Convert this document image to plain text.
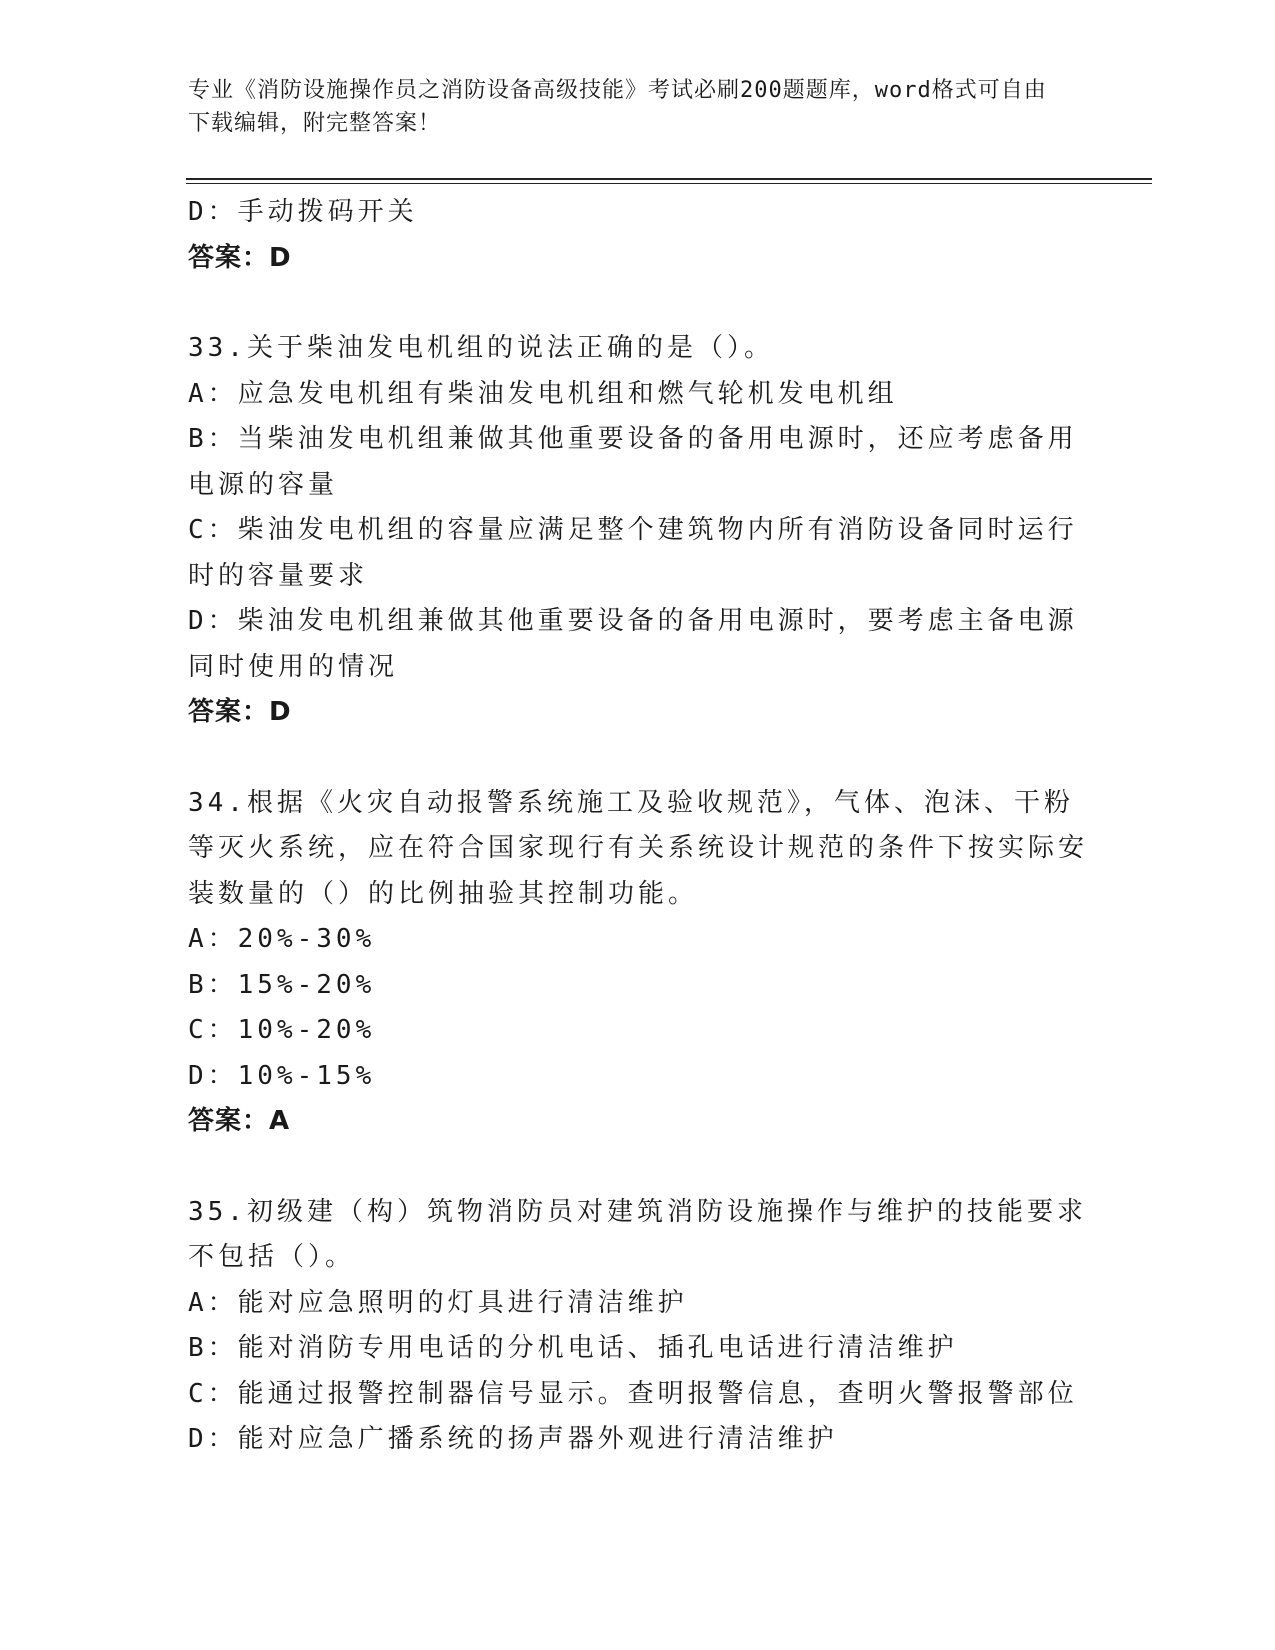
专业《消防设施操作员之消防设备高级技能》考试必刷200题题库，word格式可自由下载编辑，附完整答案！
D：手动拨码开关
答案：D
33.关于柴油发电机组的说法正确的是（）。
A：应急发电机组有柴油发电机组和燃气轮机发电机组
B：当柴油发电机组兼做其他重要设备的备用电源时，还应考虑备用电源的容量
C：柴油发电机组的容量应满足整个建筑物内所有消防设备同时运行时的容量要求
D：柴油发电机组兼做其他重要设备的备用电源时，要考虑主备电源同时使用的情况
答案：D
34.根据《火灾自动报警系统施工及验收规范》，气体、泡沫、干粉等灭火系统，应在符合国家现行有关系统设计规范的条件下按实际安装数量的（）的比例抽验其控制功能。
A：20%-30%
B：15%-20%
C：10%-20%
D：10%-15%
答案：A
35.初级建（构）筑物消防员对建筑消防设施操作与维护的技能要求不包括（）。
A：能对应急照明的灯具进行清洁维护
B：能对消防专用电话的分机电话、插孔电话进行清洁维护
C：能通过报警控制器信号显示。查明报警信息，查明火警报警部位
D：能对应急广播系统的扬声器外观进行清洁维护
